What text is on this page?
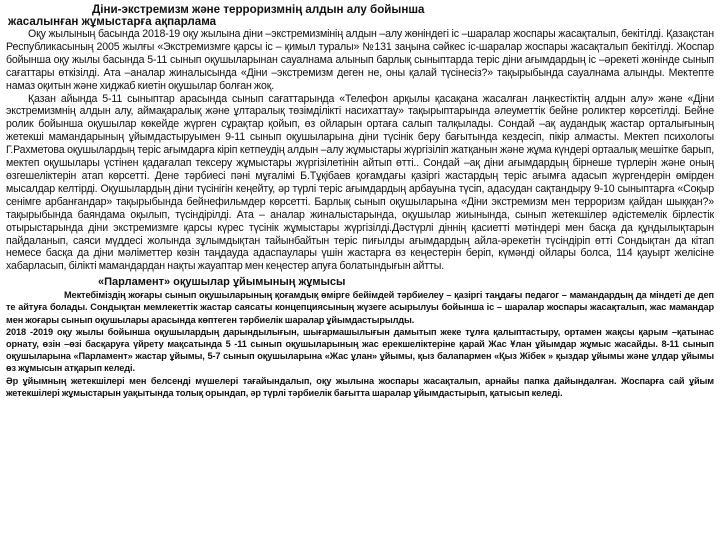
Діни-экстремизм және терроризмнің алдын алу бойынша
жасалынған жұмыстарға ақпарлама

Оқу жылының басында 2018-19 оқу жылына діни –экстремизмінің алдын –алу жөніндегі іс –шаралар жоспары жасақталып, бекітілді. Қазақстан Республикасының 2005 жылғы «Экстремизмге қарсы іс – қимыл туралы» №131 заңына сәйкес іс-шаралар жоспары жасақталып бекітілді. Жоспар бойынша оқу жылы басында 5-11 сынып оқушыларынан сауалнама алынып барлық сыныптарда теріс діни ағымдардың іс –әрекеті жөнінде сынып сағаттары өткізілді. Ата –аналар жиналысында «Діни –экстремизм деген не, оны қалай түсінесіз?» тақырыбында сауалнама алынды. Мектепте намаз оқитын және хиджаб киетін оқушылар болған жоқ.

Қазан айында 5-11 сыныптар арасында сынып сағаттарында «Телефон арқылы қасақана жасалған лаңкестіктің алдын алу» және «Діни экстремизмнің алдын алу, аймақаралық және ұлтаралық төзімділікті насихаттау» тақырыптарында әлеуметтік бейне роликтер көрсетілді. Бейне ролик бойынша оқушылар көкейде жүрген сұрақтар қойып, өз ойларын ортаға салып талқылады. Сондай –ақ аудандық жастар орталығының жетекші мамандарының ұйымдастыруымен 9-11 сынып оқушыларына діни түсінік беру бағытында кездесіп, пікір алмасты. Мектеп психологы Г.Рахметова оқушылардың теріс ағымдарға кіріп кетпеудің алдын –алу жұмыстары жүргізіліп жатқанын және жұма күндері ортаалық мешітке барып, мектеп оқушылары үстінен қадағалап тексеру жұмыстары жүргізілетінін айтып өтті.. Сондай –ақ діни ағымдардың бірнеше түрлерін және оның өзгешеліктерін атап көрсетті. Дене тәрбиесі пәні мұғалімі Б.Тұқібаев қоғамдағы қазіргі жастардың теріс ағымға адасып жүргендерін өмірден мысалдар келтірді. Оқушылардың діни түсінігін кеңейту, әр түрлі теріс ағымдардың арбауына түсіп, адасудан сақтандыру 9-10 сыныптарға «Соқыр сенімге арбанғандар» тақырыбында бейнефильмдер көрсетті. Барлық сынып оқушыларына «Діни экстремизм мен терроризм қайдан шыққан?» тақырыбында баяндама оқылып, түсіндірілді. Ата – аналар жиналыстарында, оқушылар жиынында, сынып жетекшілер әдістемелік бірлестік отырыстарында діни экстремизмге қарсы күрес түсінік жұмыстары жүргізілді.Дәстүрлі діннің қасиетті мәтіндері мен басқа да құндылықтарын пайдаланып, саяси мүддесі жолында зұлымдықтан тайынбайтын теріс пиғылды ағымдардың айла-әрекетін түсіндіріп өтті Сондықтан да кітап немесе басқа да діни мәліметтер көзін таңдауда адаспаулары үшін жастарға өз кеңестерін беріп, күмәнді ойлары болса, 114 қауырт желісіне хабарласып, білікті мамандардан нақты жауаптар мен кеңестер апуға болатындығын айтты.

«Парламент» оқушылар ұйымының жұмысы

Мектебіміздің жоғары сынып оқушыларының қоғамдық өмірге бейімдей тәрбиелеу – қазіргі таңдағы педагог – мамандардың да міндеті де деп те айтуға болады. Сондықтан мемлекеттік жастар саясаты концепциясының жүзеге асырылуы бойынша іс – шаралар жоспары жасақталып, жас мамандар мен жоғары сынып оқушылары арасында көптеген тәрбиелік шаралар ұйымдастырылды.

2018 -2019 оқу жылы бойынша оқушылардың дарындылығын, шығармашылығын дамытып жеке тұлға қалыптастыру, ортамен жақсы қарым –қатынас орнату, өзін –өзі басқаруға үйрету мақсатында 5 -11 сынып оқушыларының жас ерекшеліктеріне қарай Жас Ұлан ұйымдар жұмыс жасайды. 8-11 сынып оқушыларына «Парламент» жастар ұйымы, 5-7 сынып оқушыларына «Жас ұлан» ұйымы, қыз балапармен «Қыз Жібек » қыздар ұйымы және ұлдар ұйымы өз жұмысын атқарып келеді.

Әр ұйымның жетекшілері мен белсенді мүшелері тағайындалып, оқу жылына жоспары жасақталып, арнайы папка дайындалған. Жоспарға сай ұйым жетекшілері жұмыстарын уақытында толық орындап, әр түрлі тәрбиелік бағытта шаралар ұйымдастырып, қатысып келеді.
